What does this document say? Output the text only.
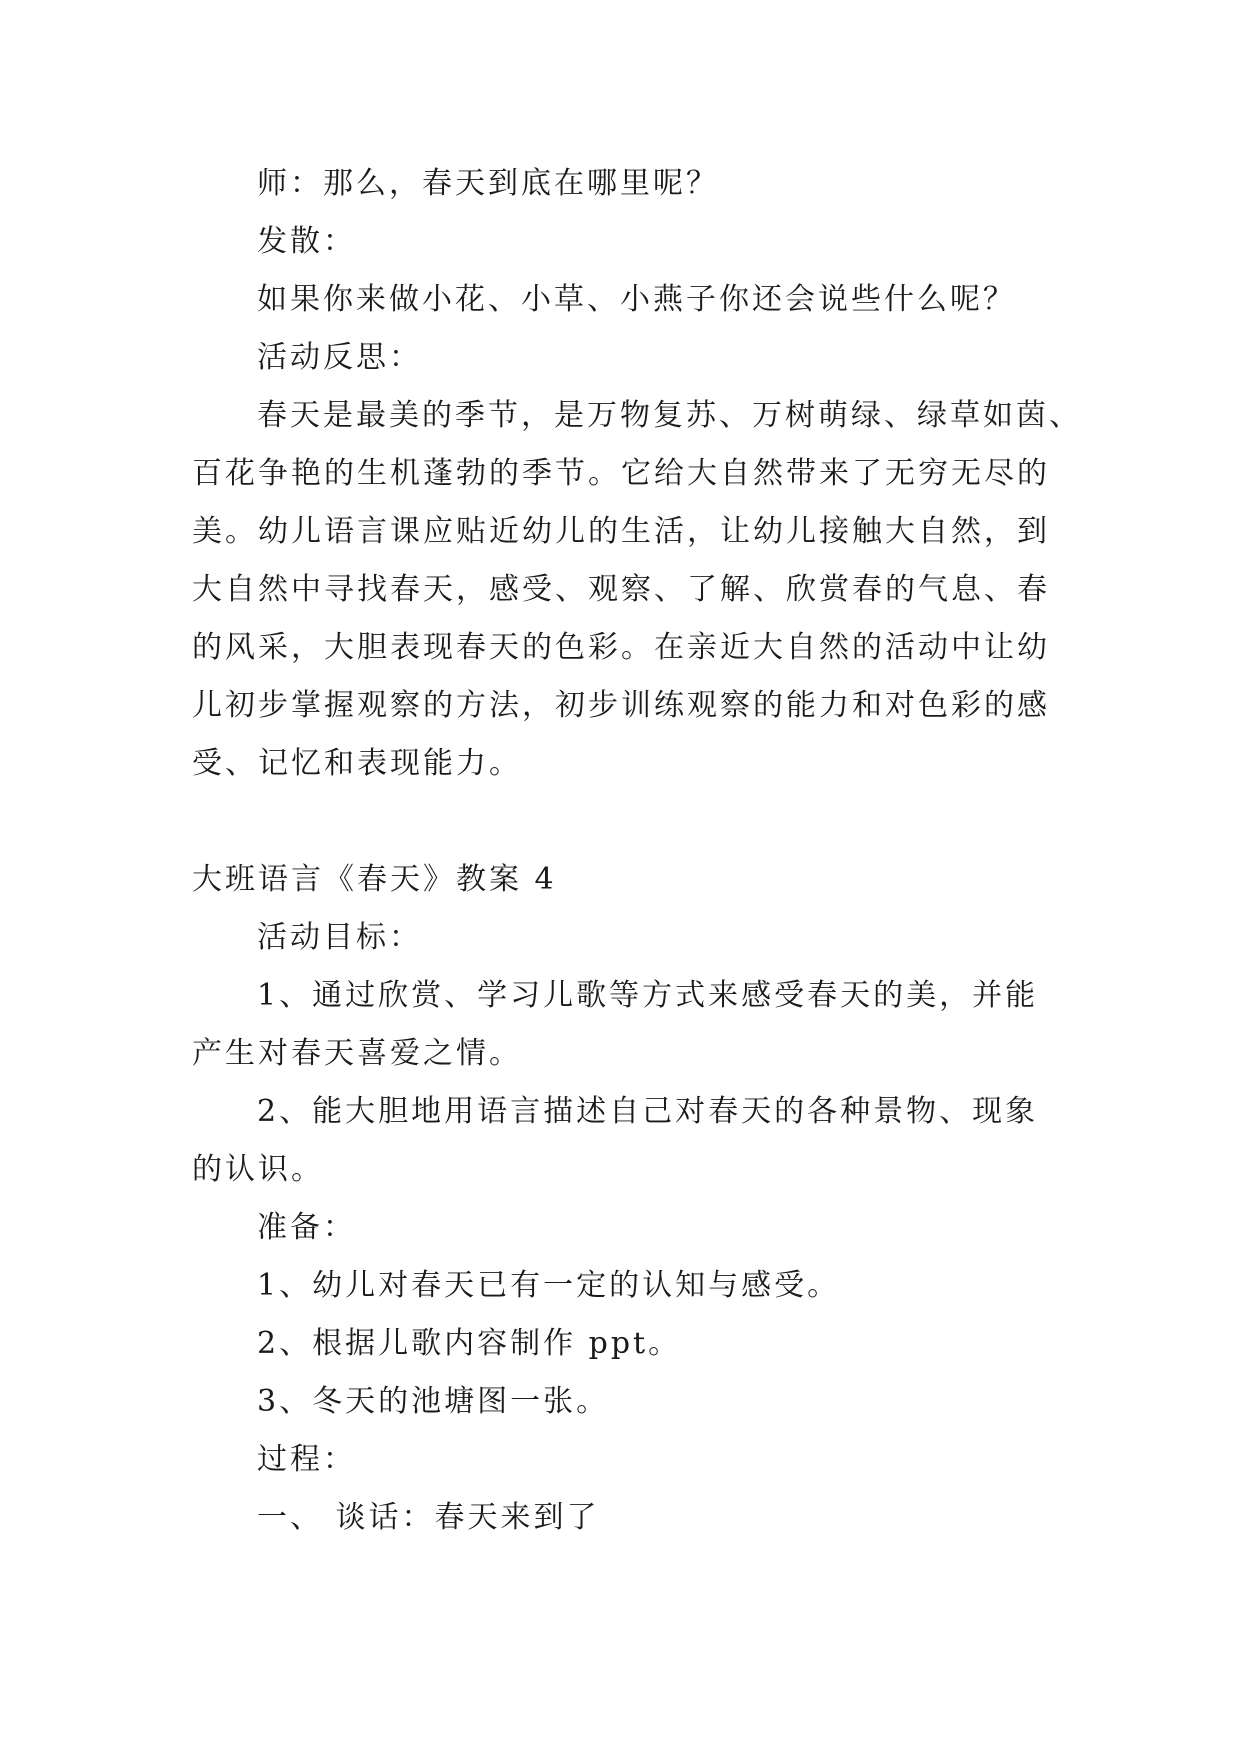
师：那么，春天到底在哪里呢？
发散：
如果你来做小花、小草、小燕子你还会说些什么呢？
活动反思：
春天是最美的季节，是万物复苏、万树萌绿、绿草如茵、
百花争艳的生机蓬勃的季节。它给大自然带来了无穷无尽的
美。幼儿语言课应贴近幼儿的生活，让幼儿接触大自然，到
大自然中寻找春天，感受、观察、了解、欣赏春的气息、春
的风采，大胆表现春天的色彩。在亲近大自然的活动中让幼
儿初步掌握观察的方法，初步训练观察的能力和对色彩的感
受、记忆和表现能力。
大班语言《春天》教案 4
活动目标：
1、通过欣赏、学习儿歌等方式来感受春天的美，并能
产生对春天喜爱之情。
2、能大胆地用语言描述自己对春天的各种景物、现象
的认识。
准备：
1、幼儿对春天已有一定的认知与感受。
2、根据儿歌内容制作 ppt。
3、冬天的池塘图一张。
过程：
一、 谈话：春天来到了
